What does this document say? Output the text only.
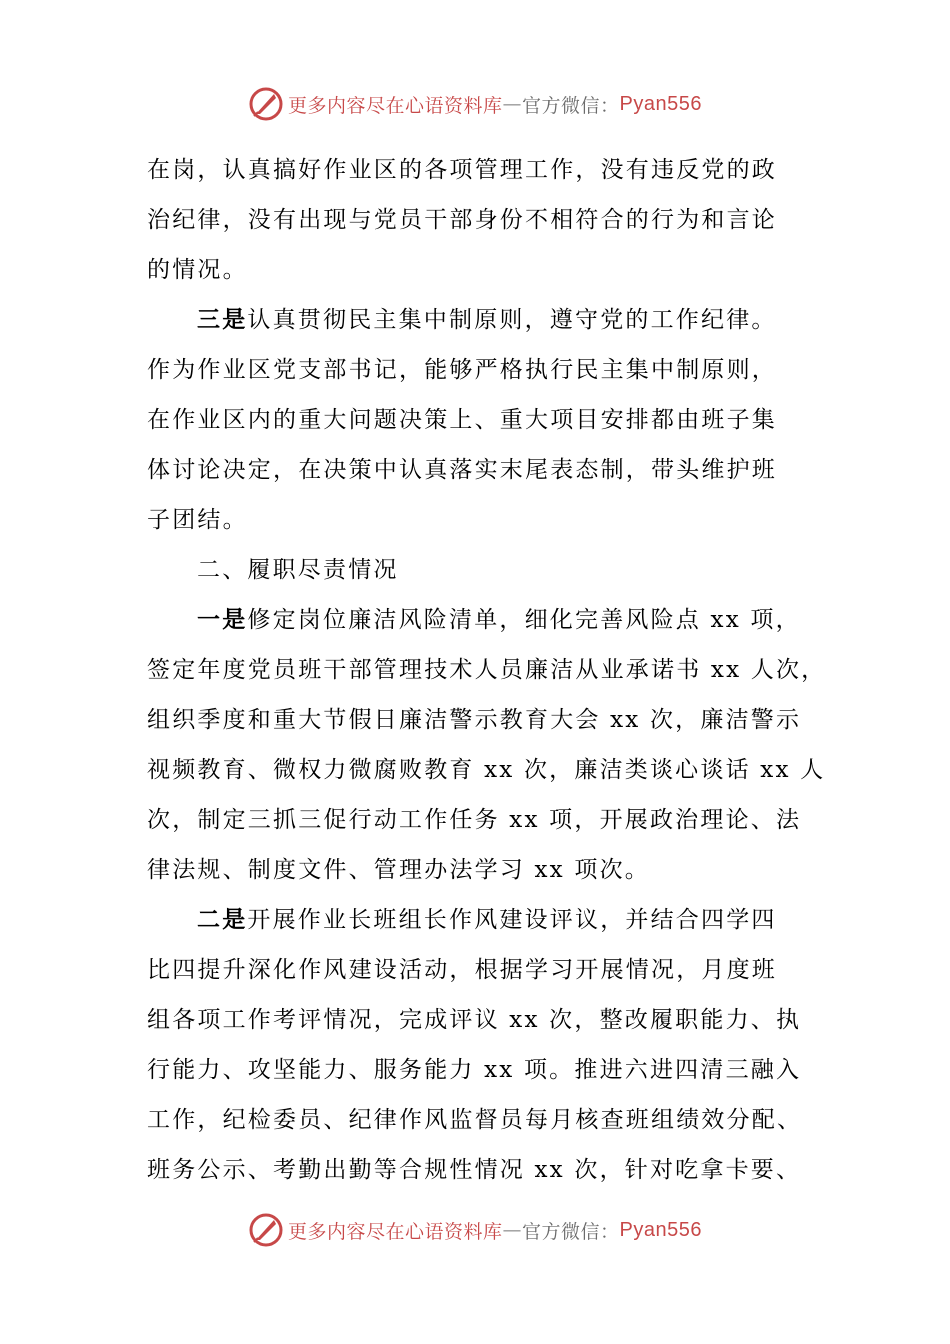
更多内容尽在心语资料库 — 官方微信： Pyan556

在岗，认真搞好作业区的各项管理工作，没有违反党的政
治纪律，没有出现与党员干部身份不相符合的行为和言论
的情况。

三是认真贯彻民主集中制原则，遵守党的工作纪律。
作为作业区党支部书记，能够严格执行民主集中制原则，
在作业区内的重大问题决策上、重大项目安排都由班子集
体讨论决定，在决策中认真落实末尾表态制，带头维护班
子团结。

二、履职尽责情况

一是修定岗位廉洁风险清单，细化完善风险点 xx 项，
签定年度党员班干部管理技术人员廉洁从业承诺书 xx 人次，
组织季度和重大节假日廉洁警示教育大会 xx 次，廉洁警示
视频教育、微权力微腐败教育 xx 次，廉洁类谈心谈话 xx 人
次，制定三抓三促行动工作任务 xx 项，开展政治理论、法
律法规、制度文件、管理办法学习 xx 项次。

二是开展作业长班组长作风建设评议，并结合四学四
比四提升深化作风建设活动，根据学习开展情况，月度班
组各项工作考评情况，完成评议 xx 次，整改履职能力、执
行能力、攻坚能力、服务能力 xx 项。推进六进四清三融入
工作，纪检委员、纪律作风监督员每月核查班组绩效分配、
班务公示、考勤出勤等合规性情况 xx 次，针对吃拿卡要、

更多内容尽在心语资料库 — 官方微信： Pyan556
